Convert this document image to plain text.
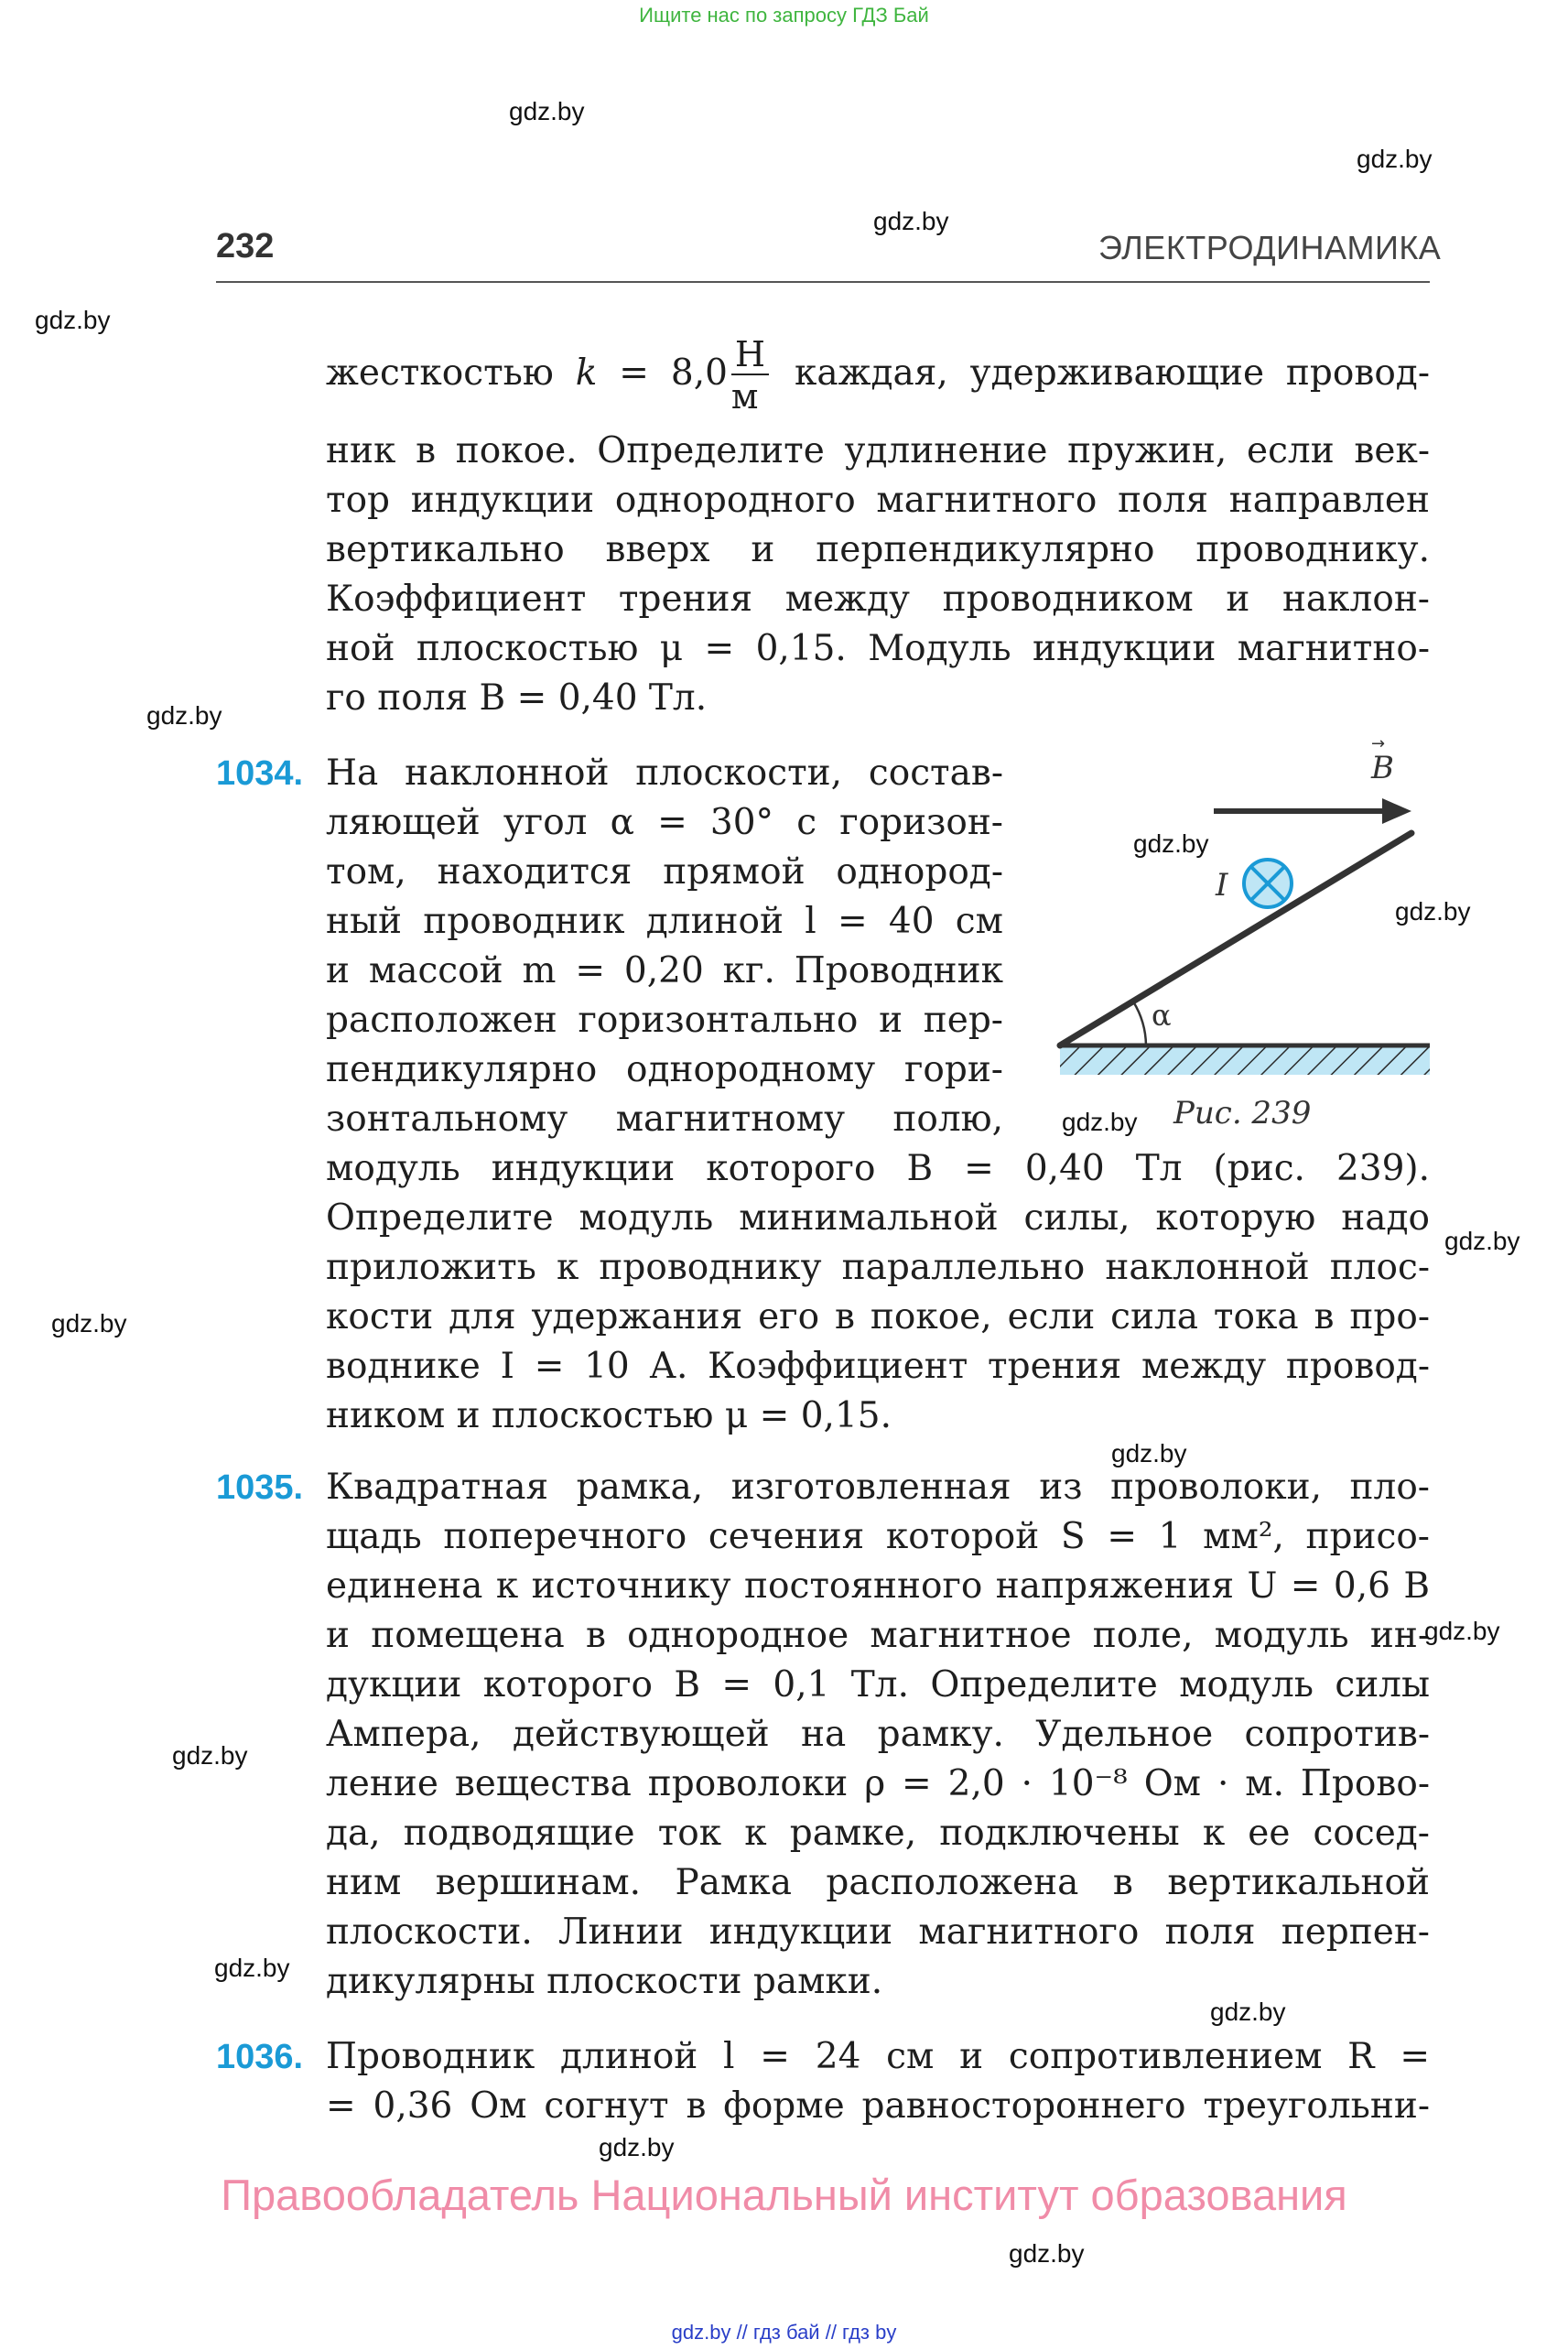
Ищите нас по запросу ГДЗ Бай
232	ЭЛЕКТРОДИНАМИКА
жесткостью $k = 8,0 \frac{Н}{м}$ каждая, удерживающие провод-
ник в покое. Определите удлинение пружин, если век-
тор индукции однородного магнитного поля направлен
вертикально вверх и перпендикулярно проводнику.
Коэффициент трения между проводником и наклон-
ной плоскостью μ = 0,15. Модуль индукции магнитно-
го поля B = 0,40 Тл.
1034. На наклонной плоскости, состав-
ляющей угол α = 30° с горизон-
том, находится прямой однород-
ный проводник длиной l = 40 см
и массой m = 0,20 кг. Проводник
расположен горизонтально и пер-
пендикулярно однородному гори-
зонтальному магнитному полю,
модуль индукции которого B = 0,40 Тл (рис. 239).
Определите модуль минимальной силы, которую надо
приложить к проводнику параллельно наклонной плос-
кости для удержания его в покое, если сила тока в про-
воднике I = 10 А. Коэффициент трения между провод-
ником и плоскостью μ = 0,15.
α
B
→
I
Рис. 239
1035. Квадратная рамка, изготовленная из проволоки, пло-
щадь поперечного сечения которой S = 1 мм², присо-
единена к источнику постоянного напряжения U = 0,6 В
и помещена в однородное магнитное поле, модуль ин-
дукции которого B = 0,1 Тл. Определите модуль силы
Ампера, действующей на рамку. Удельное сопротив-
ление вещества проволоки ρ = 2,0 · 10⁻⁸ Ом · м. Прово-
да, подводящие ток к рамке, подключены к ее сосед-
ним вершинам. Рамка расположена в вертикальной
плоскости. Линии индукции магнитного поля перпен-
дикулярны плоскости рамки.
1036. Проводник длиной l = 24 см и сопротивлением R =
= 0,36 Ом согнут в форме равностороннего треугольни-
Правообладатель Национальный институт образования
gdz.by
gdz.by
gdz.by
gdz.by
gdz.by
gdz.by
gdz.by
gdz.by
gdz.by
gdz.by
gdz.by
gdz.by
gdz.by
gdz.by
gdz.by
gdz.by
gdz.by
gdz.by // гдз бай // гдз by
